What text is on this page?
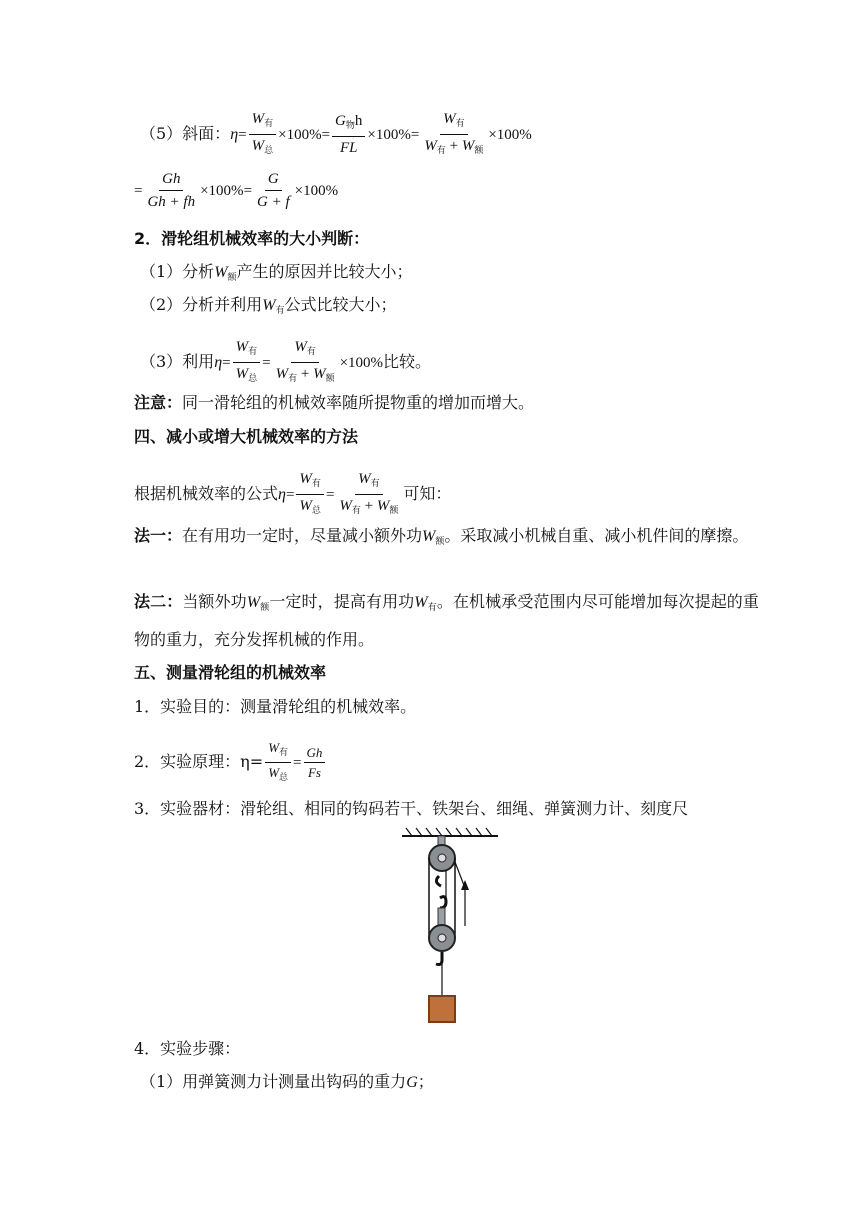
（5）斜面：$\eta= \frac{W_有}{W_总} \times 100\%= \frac{G_物h}{FL} \times 100\%= \frac{W_有}{W_有 + W_额} \times 100\%$
= $\frac{Gh}{Gh + fh} \times 100\%= \frac{G}{G + f} \times 100\%$
2．滑轮组机械效率的大小判断：
（1）分析$W_额$产生的原因并比较大小；
（2）分析并利用$W_有$公式比较大小；
（3）利用$\eta= \frac{W_有}{W_总} = \frac{W_有}{W_有 + W_额} \times 100\%$比较。
注意：同一滑轮组的机械效率随所提物重的增加而增大。
四、减小或增大机械效率的方法
根据机械效率的公式$\eta= \frac{W_有}{W_总} = \frac{W_有}{W_有 + W_额}$ 可知：
法一：在有用功一定时，尽量减小额外功$W_额$。采取减小机械自重、减小机件间的摩擦。
法二：当额外功$W_额$一定时，提高有用功$W_有$。在机械承受范围内尽可能增加每次提起的重物的重力，充分发挥机械的作用。
五、测量滑轮组的机械效率
1．实验目的：测量滑轮组的机械效率。
2．实验原理：$\eta= \frac{W_有}{W_总} = \frac{Gh}{Fs}$
3．实验器材：滑轮组、相同的钩码若干、铁架台、细绳、弹簧测力计、刻度尺
4．实验步骤：
（1）用弹簧测力计测量出钩码的重力G；
